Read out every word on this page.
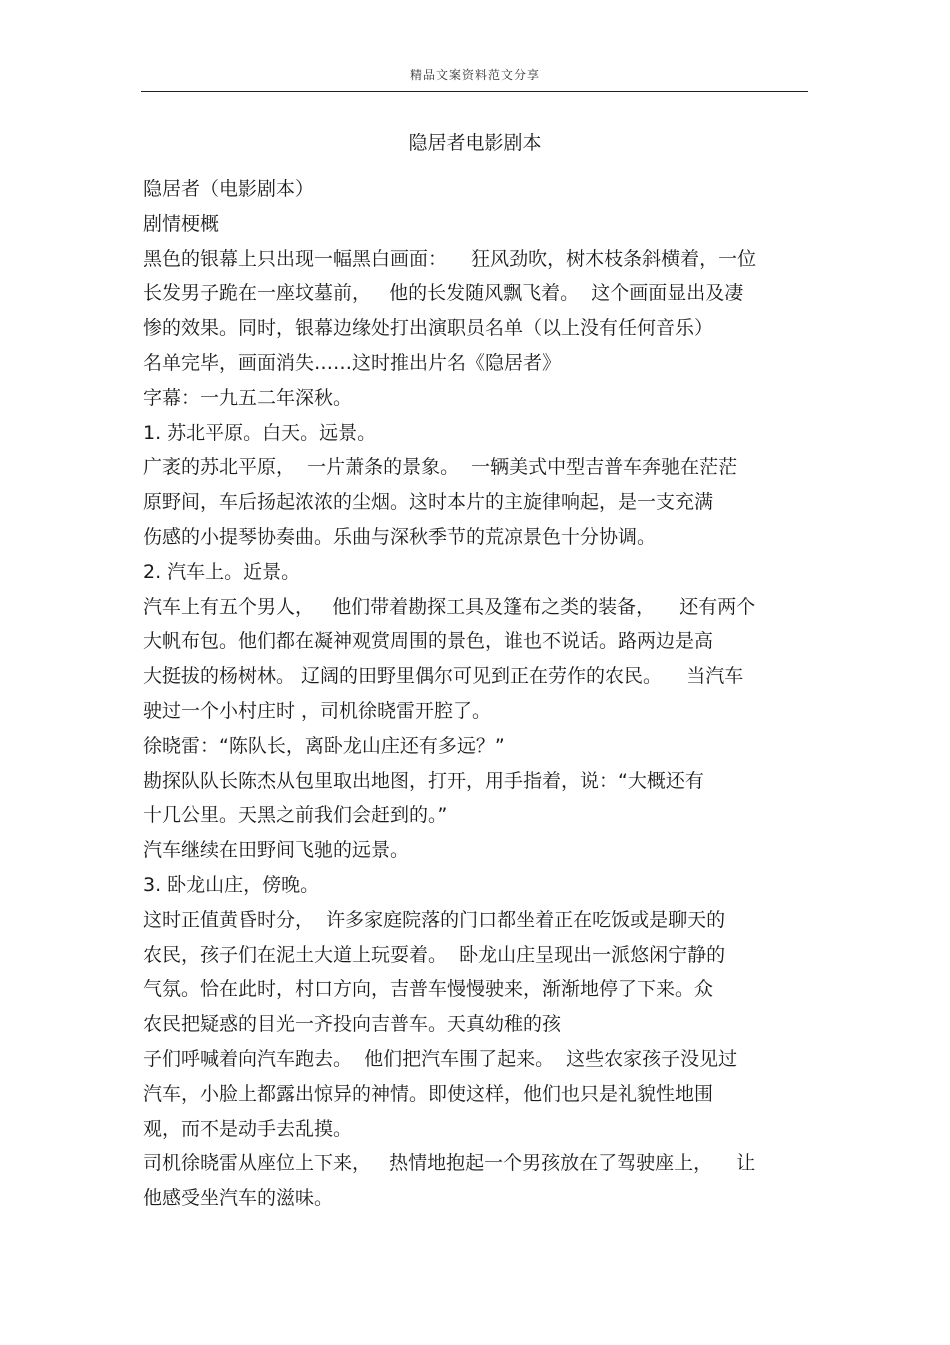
精品文案资料范文分享
隐居者电影剧本
隐居者（电影剧本）
剧情梗概
黑色的银幕上只出现一幅黑白画面：    狂风劲吹，树木枝条斜横着，一位
长发男子跪在一座坟墓前，   他的长发随风飘飞着。  这个画面显出及凄
惨的效果。同时，银幕边缘处打出演职员名单（以上没有任何音乐）
名单完毕，画面消失……这时推出片名《隐居者》
字幕：一九五二年深秋。
1. 苏北平原。白天。远景。
广袤的苏北平原，  一片萧条的景象。  一辆美式中型吉普车奔驰在茫茫
原野间，车后扬起浓浓的尘烟。这时本片的主旋律响起，是一支充满
伤感的小提琴协奏曲。乐曲与深秋季节的荒凉景色十分协调。
2. 汽车上。近景。
汽车上有五个男人，   他们带着勘探工具及篷布之类的装备，    还有两个
大帆布包。他们都在凝神观赏周围的景色，谁也不说话。路两边是高
大挺拔的杨树林。 辽阔的田野里偶尔可见到正在劳作的农民。    当汽车
驶过一个小村庄时 ，司机徐晓雷开腔了。
徐晓雷：“陈队长，离卧龙山庄还有多远？”
勘探队队长陈杰从包里取出地图，打开，用手指着，说：“大概还有
十几公里。天黑之前我们会赶到的。”
汽车继续在田野间飞驰的远景。
3. 卧龙山庄，傍晚。
这时正值黄昏时分，  许多家庭院落的门口都坐着正在吃饭或是聊天的
农民，孩子们在泥土大道上玩耍着。  卧龙山庄呈现出一派悠闲宁静的
气氛。恰在此时，村口方向，吉普车慢慢驶来，渐渐地停了下来。众
农民把疑惑的目光一齐投向吉普车。天真幼稚的孩
子们呼喊着向汽车跑去。  他们把汽车围了起来。  这些农家孩子没见过
汽车，小脸上都露出惊异的神情。即使这样，他们也只是礼貌性地围
观，而不是动手去乱摸。
司机徐晓雷从座位上下来，   热情地抱起一个男孩放在了驾驶座上，    让
他感受坐汽车的滋味。
